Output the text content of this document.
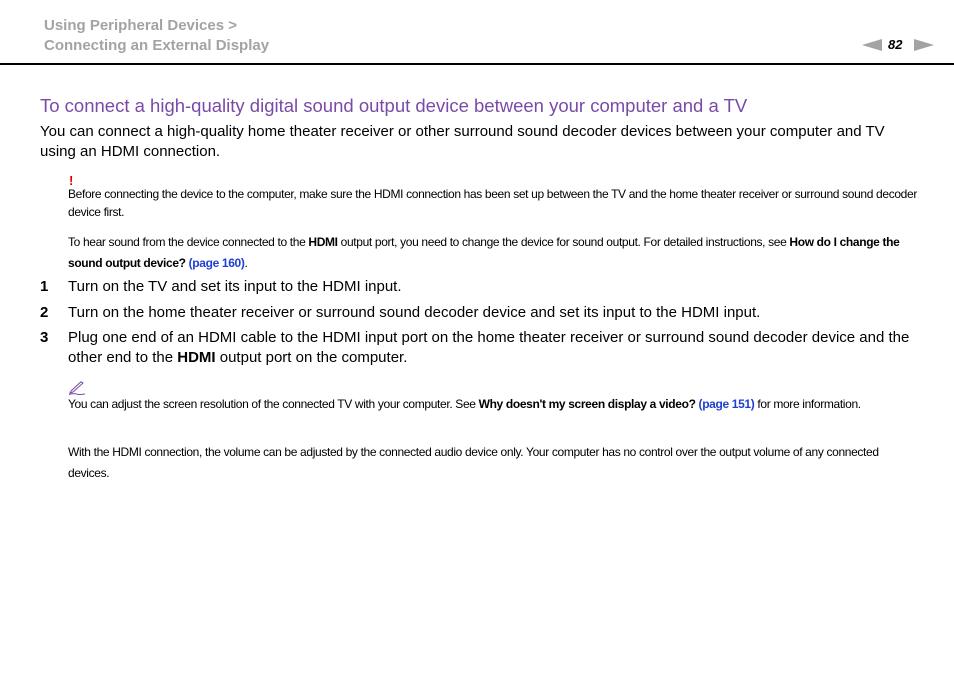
Using Peripheral Devices >
Connecting an External Display	82
To connect a high-quality digital sound output device between your computer and a TV
You can connect a high-quality home theater receiver or other surround sound decoder devices between your computer and TV using an HDMI connection.
!
Before connecting the device to the computer, make sure the HDMI connection has been set up between the TV and the home theater receiver or surround sound decoder device first.
To hear sound from the device connected to the HDMI output port, you need to change the device for sound output. For detailed instructions, see How do I change the sound output device? (page 160).
1 Turn on the TV and set its input to the HDMI input.
2 Turn on the home theater receiver or surround sound decoder device and set its input to the HDMI input.
3 Plug one end of an HDMI cable to the HDMI input port on the home theater receiver or surround sound decoder device and the other end to the HDMI output port on the computer.
You can adjust the screen resolution of the connected TV with your computer. See Why doesn't my screen display a video? (page 151) for more information.
With the HDMI connection, the volume can be adjusted by the connected audio device only. Your computer has no control over the output volume of any connected devices.
